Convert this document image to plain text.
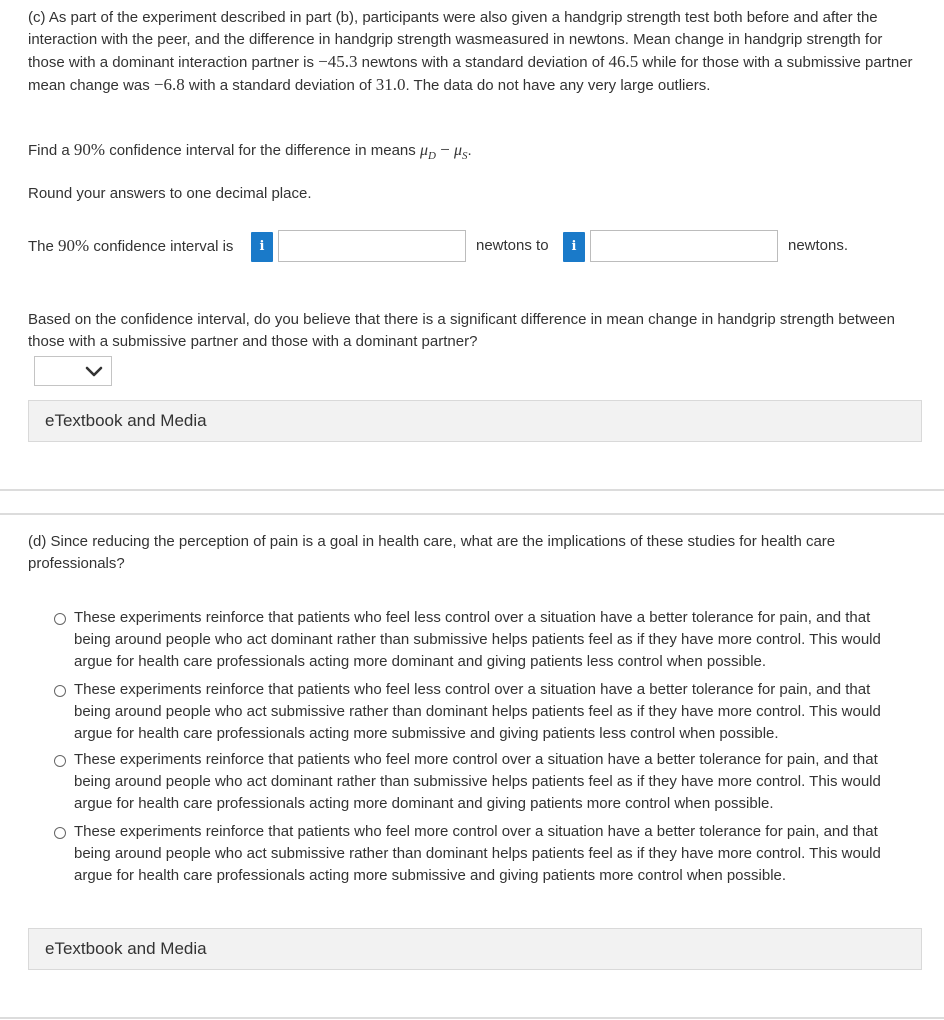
(c) As part of the experiment described in part (b), participants were also given a handgrip strength test both before and after the interaction with the peer, and the difference in handgrip strength wasmeasured in newtons. Mean change in handgrip strength for those with a dominant interaction partner is −45.3 newtons with a standard deviation of 46.5 while for those with a submissive partner mean change was −6.8 with a standard deviation of 31.0. The data do not have any very large outliers.
Find a 90% confidence interval for the difference in means $\mu_D - \mu_S$.
Round your answers to one decimal place.
The 90% confidence interval is	i	newtons to	i	newtons.
Based on the confidence interval, do you believe that there is a significant difference in mean change in handgrip strength between those with a submissive partner and those with a dominant partner?
eTextbook and Media
(d) Since reducing the perception of pain is a goal in health care, what are the implications of these studies for health care professionals?
These experiments reinforce that patients who feel less control over a situation have a better tolerance for pain, and that being around people who act dominant rather than submissive helps patients feel as if they have more control. This would argue for health care professionals acting more dominant and giving patients less control when possible.
These experiments reinforce that patients who feel less control over a situation have a better tolerance for pain, and that being around people who act submissive rather than dominant helps patients feel as if they have more control. This would argue for health care professionals acting more submissive and giving patients less control when possible.
These experiments reinforce that patients who feel more control over a situation have a better tolerance for pain, and that being around people who act dominant rather than submissive helps patients feel as if they have more control. This would argue for health care professionals acting more dominant and giving patients more control when possible.
These experiments reinforce that patients who feel more control over a situation have a better tolerance for pain, and that being around people who act submissive rather than dominant helps patients feel as if they have more control. This would argue for health care professionals acting more submissive and giving patients more control when possible.
eTextbook and Media
